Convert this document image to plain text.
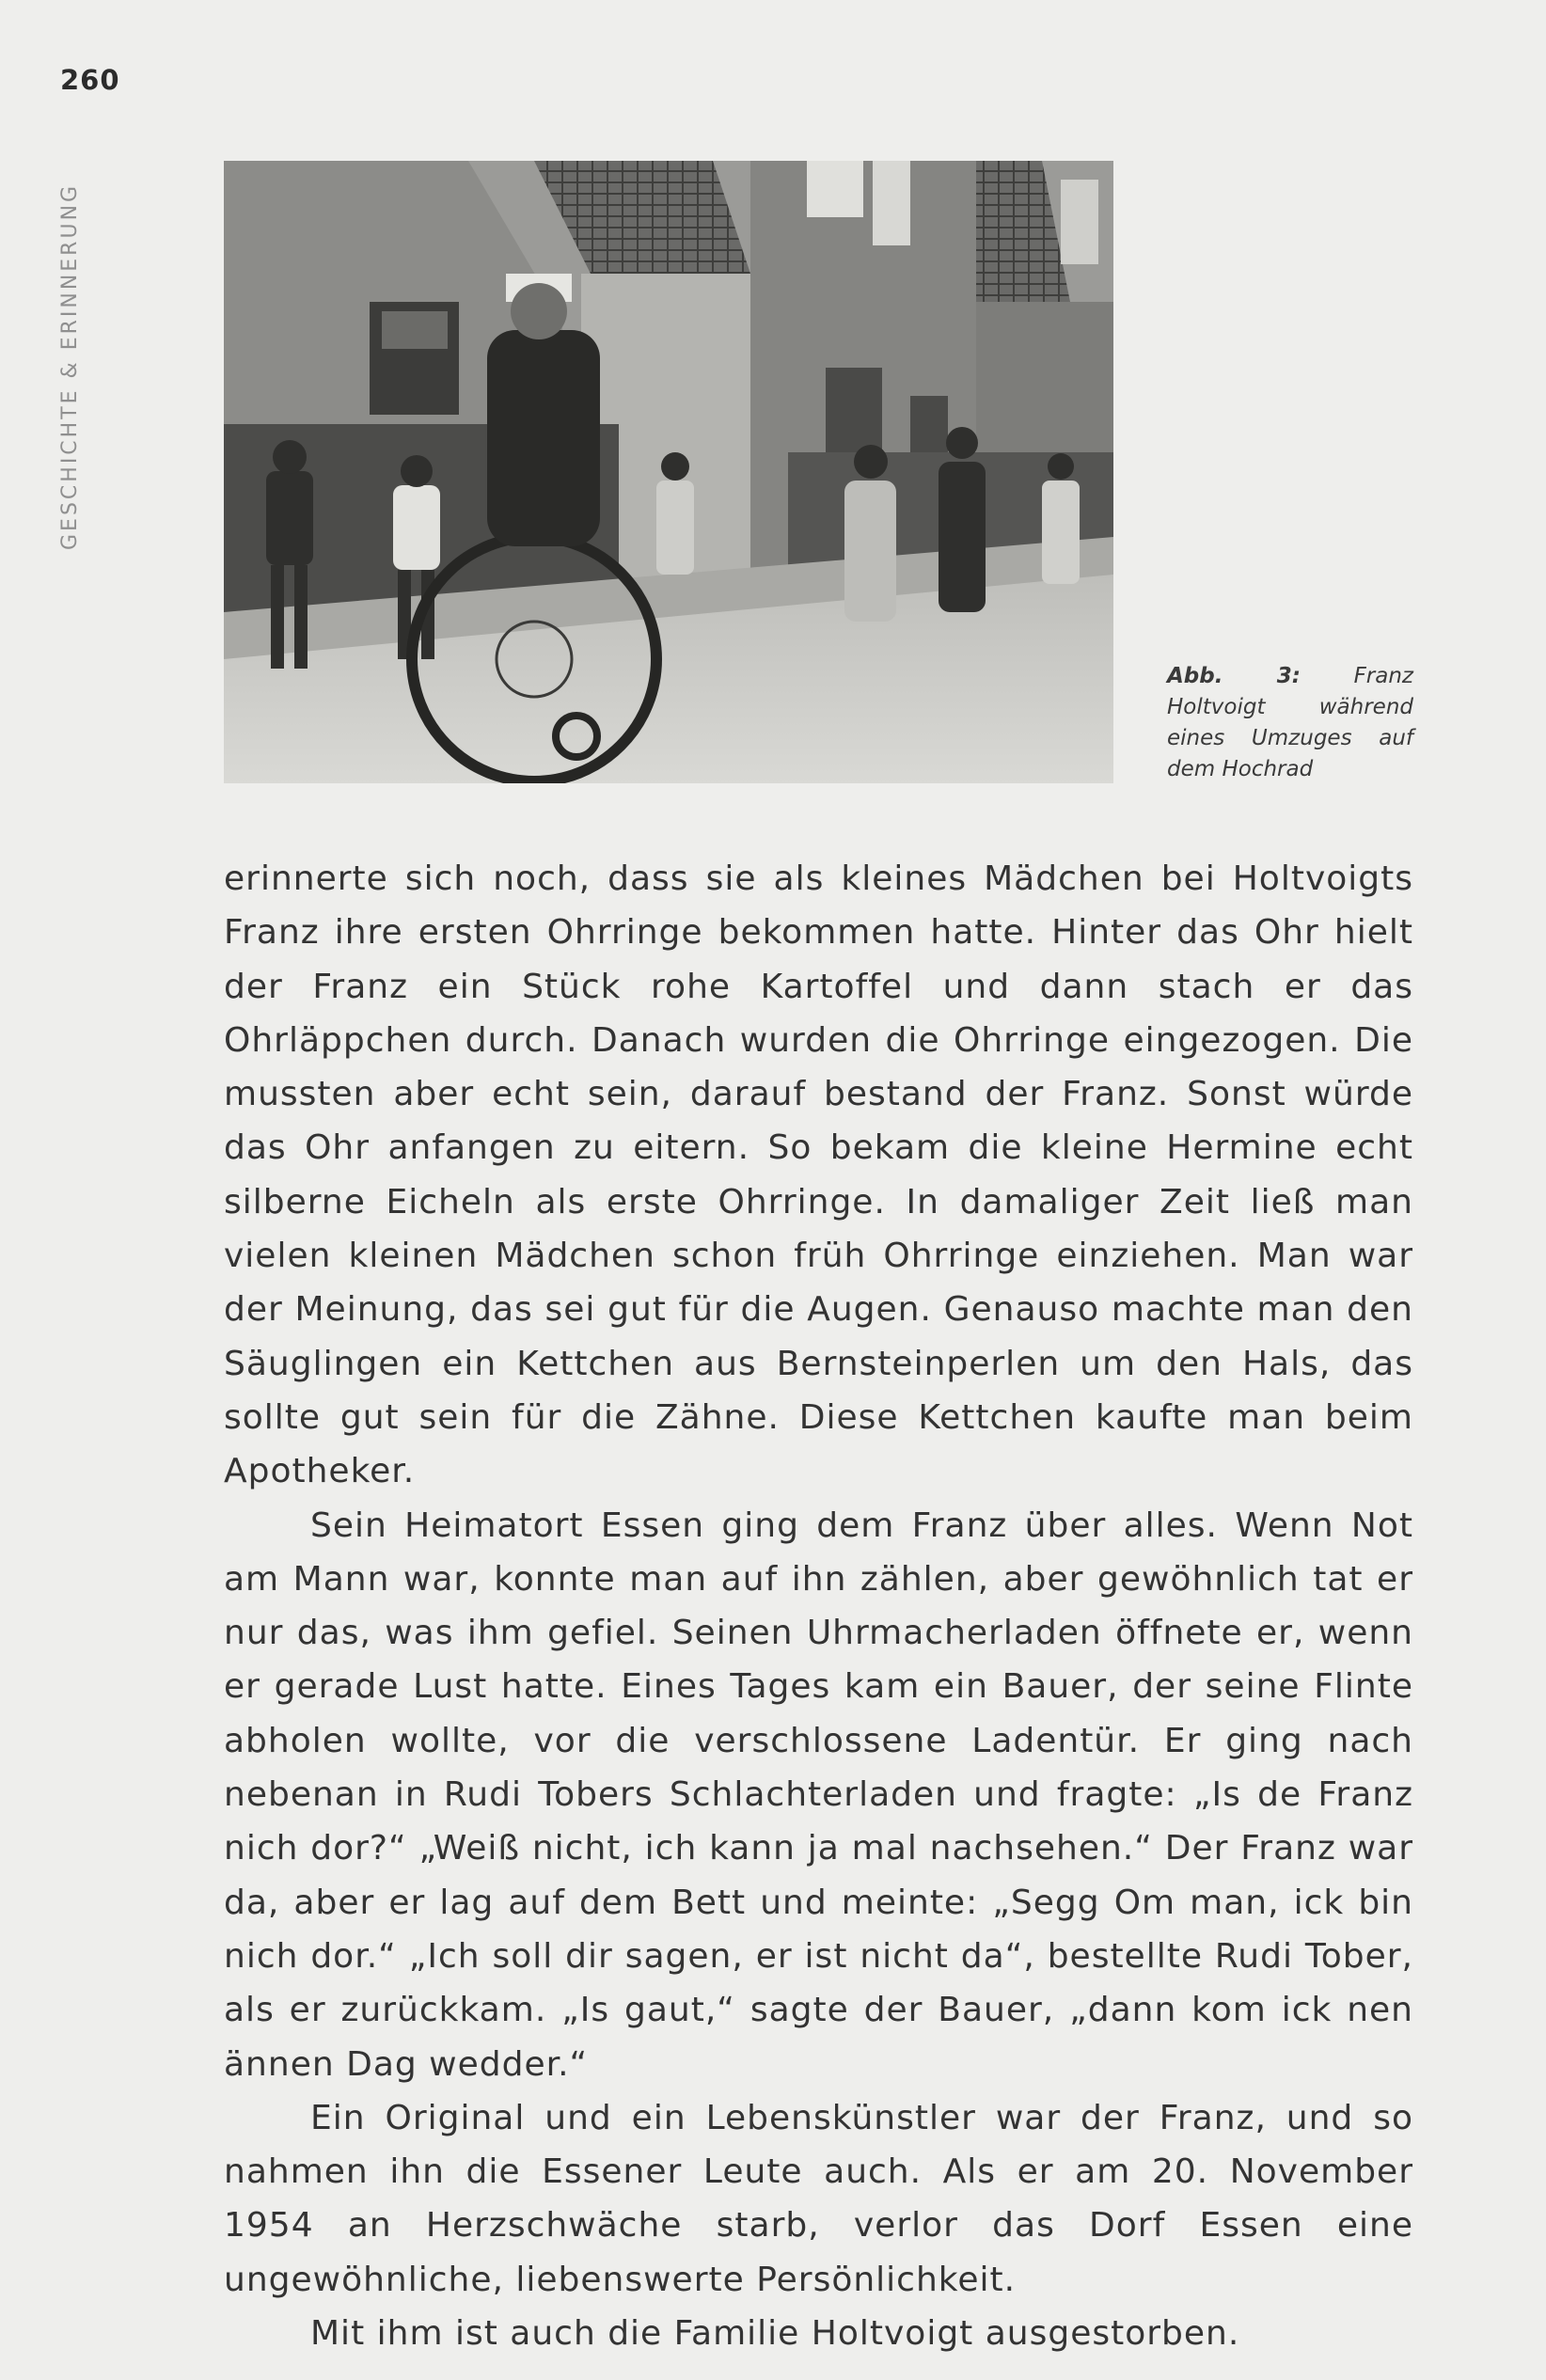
260
GESCHICHTE & ERINNERUNG
Abb. 3: Franz Holtvoigt während eines Umzuges auf dem Hochrad

erinnerte sich noch, dass sie als kleines Mädchen bei Holtvoigts Franz ihre ersten Ohrringe bekommen hatte. Hinter das Ohr hielt der Franz ein Stück rohe Kartoffel und dann stach er das Ohrläppchen durch. Danach wurden die Ohrringe eingezogen. Die mussten aber echt sein, darauf bestand der Franz. Sonst würde das Ohr anfangen zu eitern. So bekam die kleine Hermine echt silberne Eicheln als erste Ohrringe. In damaliger Zeit ließ man vielen kleinen Mädchen schon früh Ohrringe einziehen. Man war der Meinung, das sei gut für die Augen. Genauso machte man den Säuglingen ein Kettchen aus Bernsteinperlen um den Hals, das sollte gut sein für die Zähne. Diese Kettchen kaufte man beim Apotheker.

Sein Heimatort Essen ging dem Franz über alles. Wenn Not am Mann war, konnte man auf ihn zählen, aber gewöhnlich tat er nur das, was ihm gefiel. Seinen Uhrmacherladen öffnete er, wenn er gerade Lust hatte. Eines Tages kam ein Bauer, der seine Flinte abholen wollte, vor die verschlossene Ladentür. Er ging nach nebenan in Rudi Tobers Schlachterladen und fragte: „Is de Franz nich dor?“ „Weiß nicht, ich kann ja mal nachsehen.“ Der Franz war da, aber er lag auf dem Bett und meinte: „Segg Om man, ick bin nich dor.“ „Ich soll dir sagen, er ist nicht da“, bestellte Rudi Tober, als er zurückkam. „Is gaut,“ sagte der Bauer, „dann kom ick nen ännen Dag wedder.“

Ein Original und ein Lebenskünstler war der Franz, und so nahmen ihn die Essener Leute auch. Als er am 20. November 1954 an Herzschwäche starb, verlor das Dorf Essen eine ungewöhnliche, liebenswerte Persönlichkeit.

Mit ihm ist auch die Familie Holtvoigt ausgestorben.
